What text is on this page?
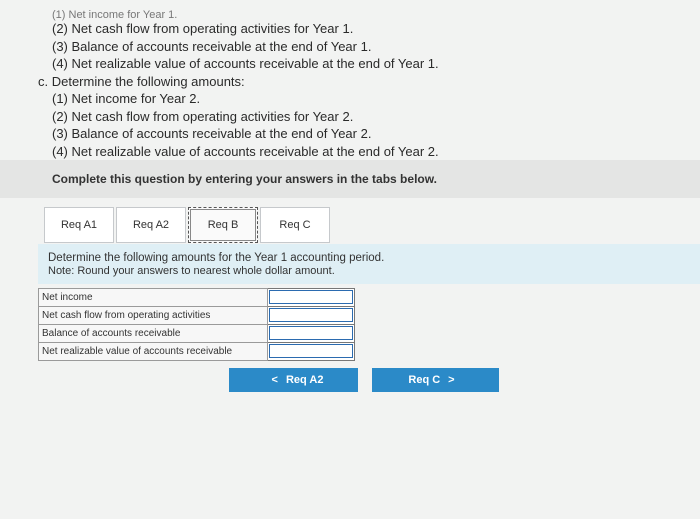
(1) Net income for Year 1.
(2) Net cash flow from operating activities for Year 1.
(3) Balance of accounts receivable at the end of Year 1.
(4) Net realizable value of accounts receivable at the end of Year 1.
c. Determine the following amounts:
(1) Net income for Year 2.
(2) Net cash flow from operating activities for Year 2.
(3) Balance of accounts receivable at the end of Year 2.
(4) Net realizable value of accounts receivable at the end of Year 2.
Complete this question by entering your answers in the tabs below.
Req A1	Req A2	Req B	Req C
Determine the following amounts for the Year 1 accounting period.
Note: Round your answers to nearest whole dollar amount.
Net income	
Net cash flow from operating activities	
Balance of accounts receivable	
Net realizable value of accounts receivable	
< Req A2	Req C >
